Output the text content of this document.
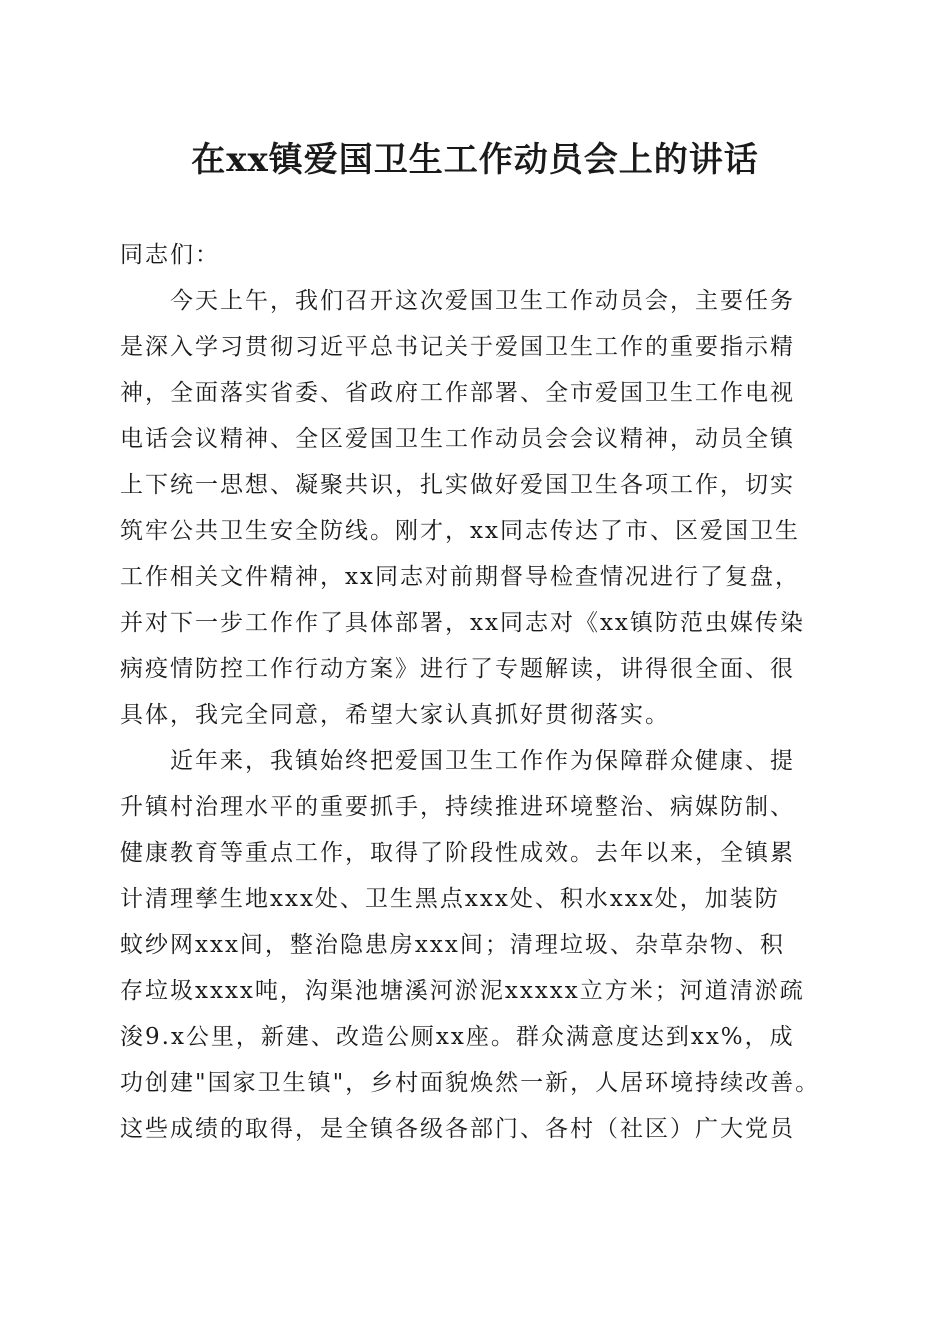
在xx镇爱国卫生工作动员会上的讲话
同志们：
今天上午，我们召开这次爱国卫生工作动员会，主要任务
是深入学习贯彻习近平总书记关于爱国卫生工作的重要指示精
神，全面落实省委、省政府工作部署、全市爱国卫生工作电视
电话会议精神、全区爱国卫生工作动员会会议精神，动员全镇
上下统一思想、凝聚共识，扎实做好爱国卫生各项工作，切实
筑牢公共卫生安全防线。刚才，xx同志传达了市、区爱国卫生
工作相关文件精神，xx同志对前期督导检查情况进行了复盘，
并对下一步工作作了具体部署，xx同志对《xx镇防范虫媒传染
病疫情防控工作行动方案》进行了专题解读，讲得很全面、很
具体，我完全同意，希望大家认真抓好贯彻落实。
近年来，我镇始终把爱国卫生工作作为保障群众健康、提
升镇村治理水平的重要抓手，持续推进环境整治、病媒防制、
健康教育等重点工作，取得了阶段性成效。去年以来，全镇累
计清理孳生地xxx处、卫生黑点xxx处、积水xxx处，加装防
蚊纱网xxx间，整治隐患房xxx间；清理垃圾、杂草杂物、积
存垃圾xxxx吨，沟渠池塘溪河淤泥xxxxx立方米；河道清淤疏
浚9.x公里，新建、改造公厕xx座。群众满意度达到xx%，成
功创建"国家卫生镇"，乡村面貌焕然一新，人居环境持续改善。
这些成绩的取得，是全镇各级各部门、各村（社区）广大党员
